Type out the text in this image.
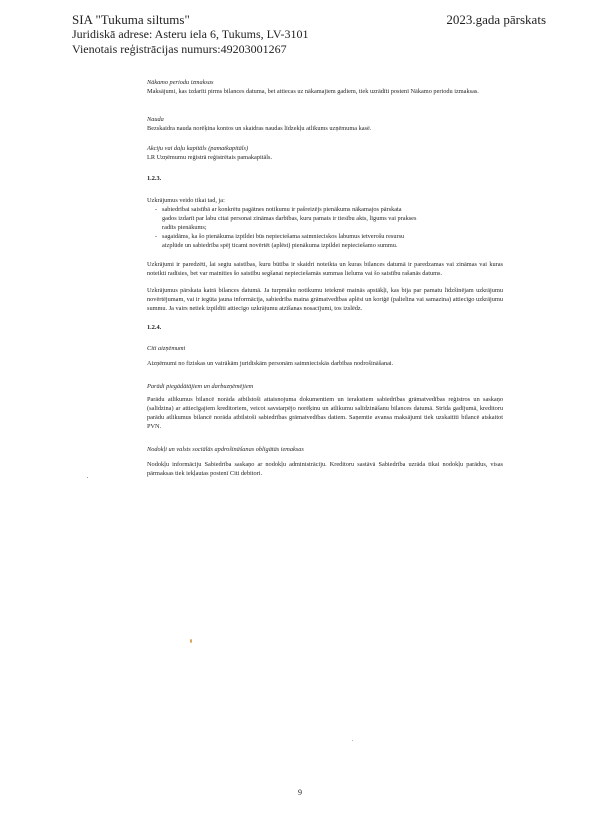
SIA "Tukuma siltums"
Juridiskā adrese: Asteru iela 6, Tukums, LV-3101
Vienotais reģistrācijas numurs:49203001267
2023.gada pārskats

Nākamo periodu izmaksas

Maksājumi, kas izdarīti pirms bilances datuma, bet attiecas uz nākamajiem gadiem, tiek uzrādīti postenī Nākamo periodu izmaksas.

Nauda

Bezskaidra nauda norēķina kontos un skaidras naudas līdzekļu atlikums uzņēmuma kasē.

Akciju vai daļu kapitāls (pamatkapitāls)

LR Uzņēmumu reģistrā reģistrētais pamakapitāls.

1.2.3.

Uzkrājumus veido tikai tad, ja:

- sabiedrībai saistībā ar konkrētu pagātnes notikumu ir pašreizējs pienākums nākamajos pārskata gados izdarīt par labu citai personai zināmas darbības, kuru pamats ir tiesību akts, līgums vai prakses radīts pienākums;
- sagaidāms, ka šo pienākuma izpildei būs nepieciešama saimnieciskos labumus ietverošu resursu aizplūde un sabiedrība spēj ticami novērtēt (aplēst) pienākuma izpildei nepieciešamo summu.

Uzkrājumi ir paredzēti, lai segtu saistības, kuru būtība ir skaidri noteikta un kuras bilances datumā ir paredzamas vai zināmas vai kuras noteikti radīsies, bet var mainīties šo saistību segšanai nepieciešamās summas lielums vai šo saistību rašanās datums.

Uzkrājumus pārskata katrā bilances datumā. Ja turpmāku notikumu ietekmē mainās apstākļi, kas bija par pamatu līdzšinējam uzkrājumu novērtējumam, vai ir iegūta jauna informācija, sabiedrība maina grāmatvedības aplēsi un koriģē (palielina vai samazina) attiecīgo uzkrājumu summu. Ja vairs netiek izpildīti attiecīgo uzkrājumu atzīšanas nosacījumi, tos izslēdz.

1.2.4.

Citi aizņēmumi

Aizņēmumi no fiziskas un vairākām juridiskām personām saimnieciskās darbības nodrošināšanai.

Parādi piegādātājiem un darbuzņēmējiem

Parādu atlikumus bilancē norāda atbilstoši attaisnojuma dokumentiem un ierakstiem sabiedrības grāmatvedības reģistros un saskaņo (salīdzina) ar attiecīgajiem kreditoriem, veicot savstarpējo norēķinu un atlikumu salīdzināšanu bilances datumā. Strīda gadījumā, kreditoru parādu atlikumus bilancē norāda atbilstoši sabiedrības grāmatvedības datiem. Saņemtie avansa maksājumi tiek uzskaitīti bilancē atskaitot PVN.

Nodokļi un valsts sociālās apdrošināšanas obligātās iemaksas

Nodokļu informāciju Sabiedrība saskaņo ar nodokļu administrāciju. Kreditoru sastāvā Sabiedrība uzrāda tikai nodokļu parādus, visas pārmaksas tiek iekļautas postenī Citi debitori.

9
